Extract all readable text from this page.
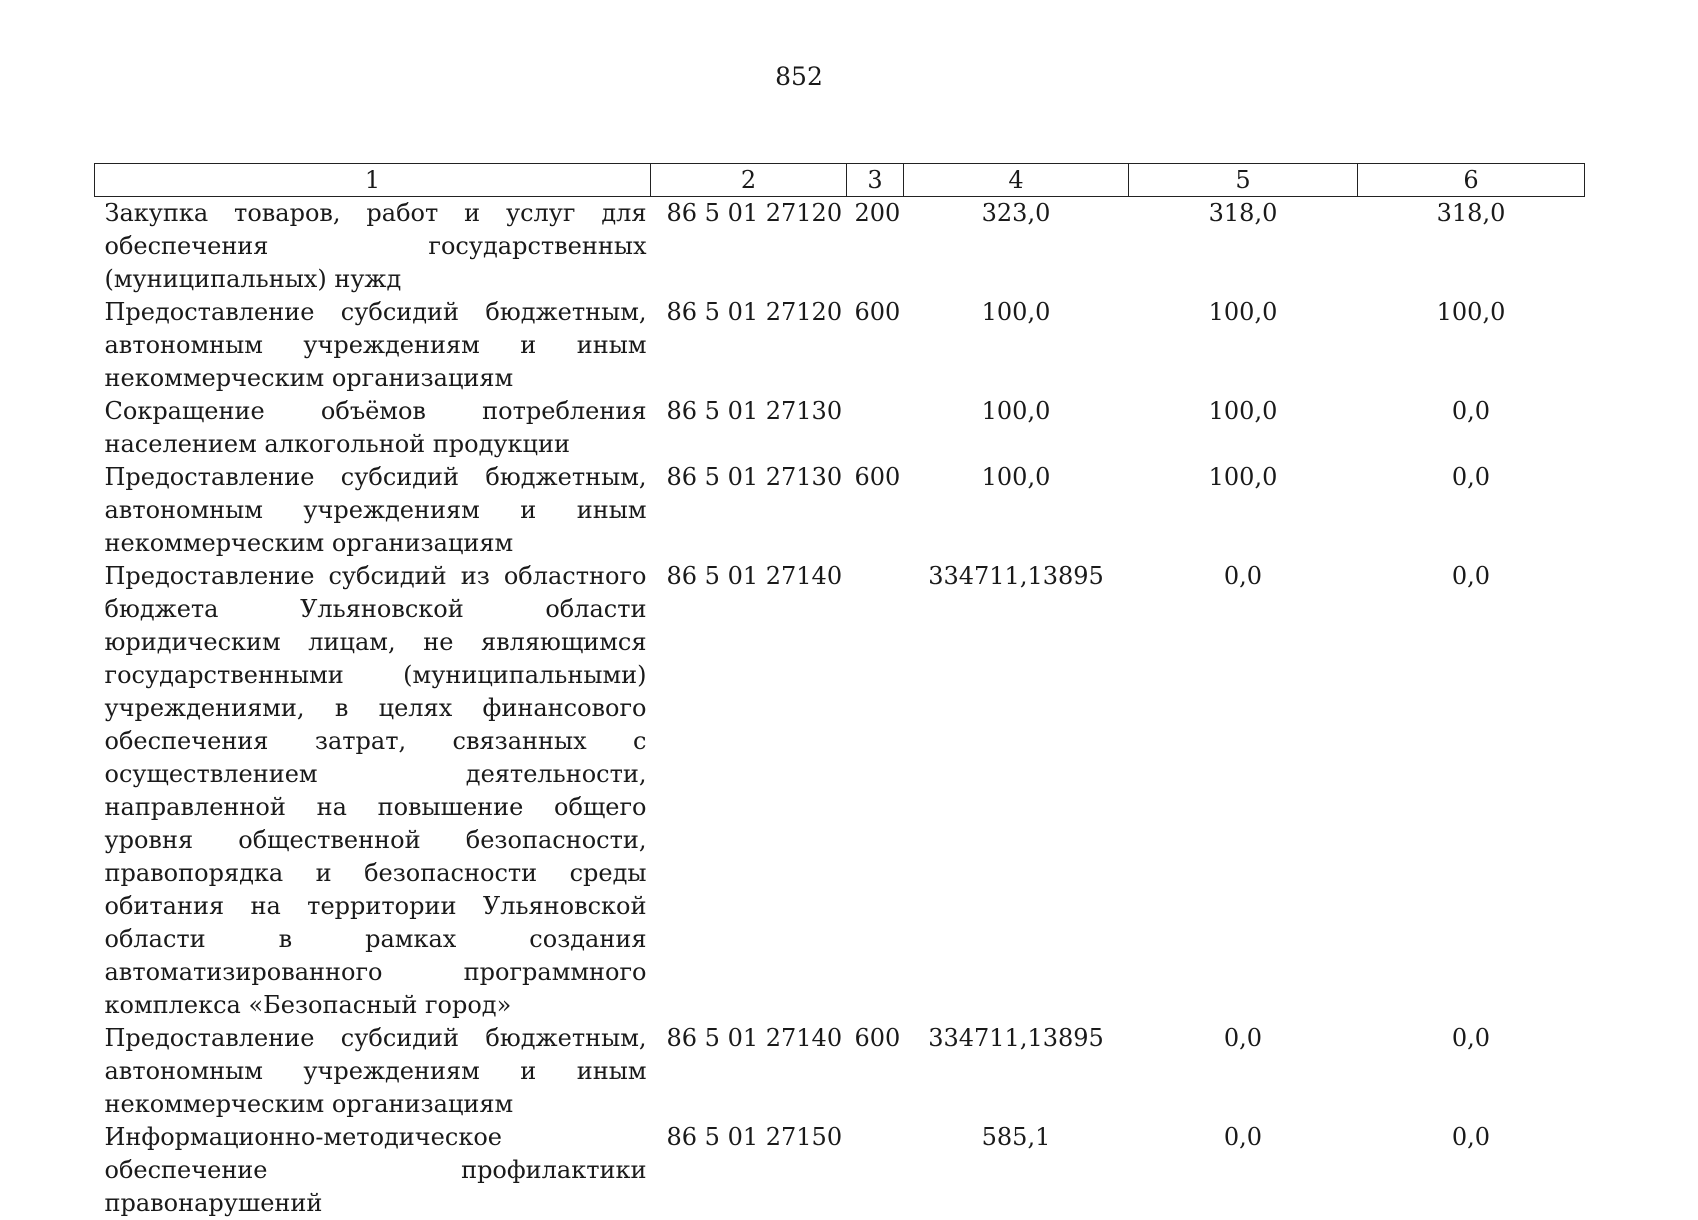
852
1	2	3	4	5	6
Закупка товаров, работ и услуг для обеспечения государственных (муниципальных) нужд	86 5 01 27120	200	323,0	318,0	318,0
Предоставление субсидий бюджетным, автономным учреждениям и иным некоммерческим организациям	86 5 01 27120	600	100,0	100,0	100,0
Сокращение объёмов потребления населением алкогольной продукции	86 5 01 27130		100,0	100,0	0,0
Предоставление субсидий бюджетным, автономным учреждениям и иным некоммерческим организациям	86 5 01 27130	600	100,0	100,0	0,0
Предоставление субсидий из областного бюджета Ульяновской области юридическим лицам, не являющимся государственными (муниципальными) учреждениями, в целях финансового обеспечения затрат, связанных с осуществлением деятельности, направленной на повышение общего уровня общественной безопасности, правопорядка и безопасности среды обитания на территории Ульяновской области в рамках создания автоматизированного программного комплекса «Безопасный город»	86 5 01 27140		334711,13895	0,0	0,0
Предоставление субсидий бюджетным, автономным учреждениям и иным некоммерческим организациям	86 5 01 27140	600	334711,13895	0,0	0,0
Информационно-методическое обеспечение профилактики правонарушений	86 5 01 27150		585,1	0,0	0,0
